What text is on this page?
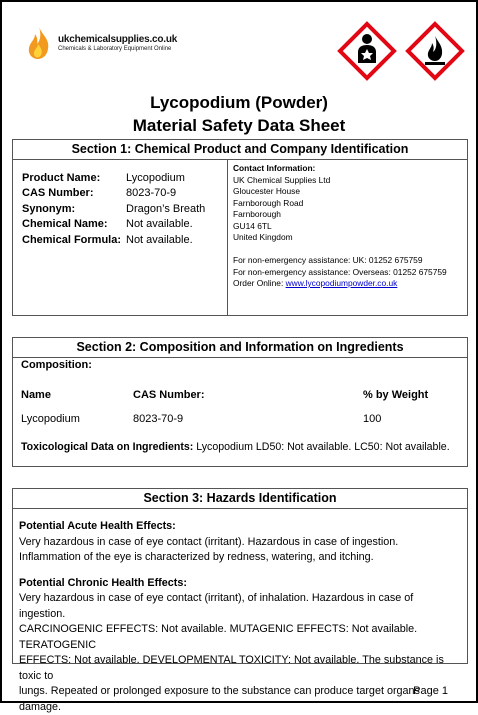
ukchemicalsupplies.co.uk
Chemicals & Laboratory Equipment Online
Lycopodium (Powder)
Material Safety Data Sheet
Section 1: Chemical Product and Company Identification
Product Name:	Lycopodium
CAS Number:	8023-70-9
Synonym:	Dragon’s Breath
Chemical Name:	Not available.
Chemical Formula: Not available.
Contact Information:
UK Chemical Supplies Ltd
Gloucester House
Farnborough Road
Farnborough
GU14 6TL
United Kingdom
For non-emergency assistance: UK: 01252 675759
For non-emergency assistance: Overseas: 01252 675759
Order Online: www.lycopodiumpowder.co.uk
Section 2: Composition and Information on Ingredients
Composition:
Name	CAS Number:	% by Weight
Lycopodium	8023-70-9	100
Toxicological Data on Ingredients: Lycopodium LD50: Not available. LC50: Not available.
Section 3: Hazards Identification
Potential Acute Health Effects:
Very hazardous in case of eye contact (irritant). Hazardous in case of ingestion.
Inflammation of the eye is characterized by redness, watering, and itching.
Potential Chronic Health Effects:
Very hazardous in case of eye contact (irritant), of inhalation. Hazardous in case of ingestion.
CARCINOGENIC EFFECTS: Not available. MUTAGENIC EFFECTS: Not available. TERATOGENIC
EFFECTS: Not available. DEVELOPMENTAL TOXICITY: Not available. The substance is toxic to
lungs. Repeated or prolonged exposure to the substance can produce target organs damage.
Page 1
